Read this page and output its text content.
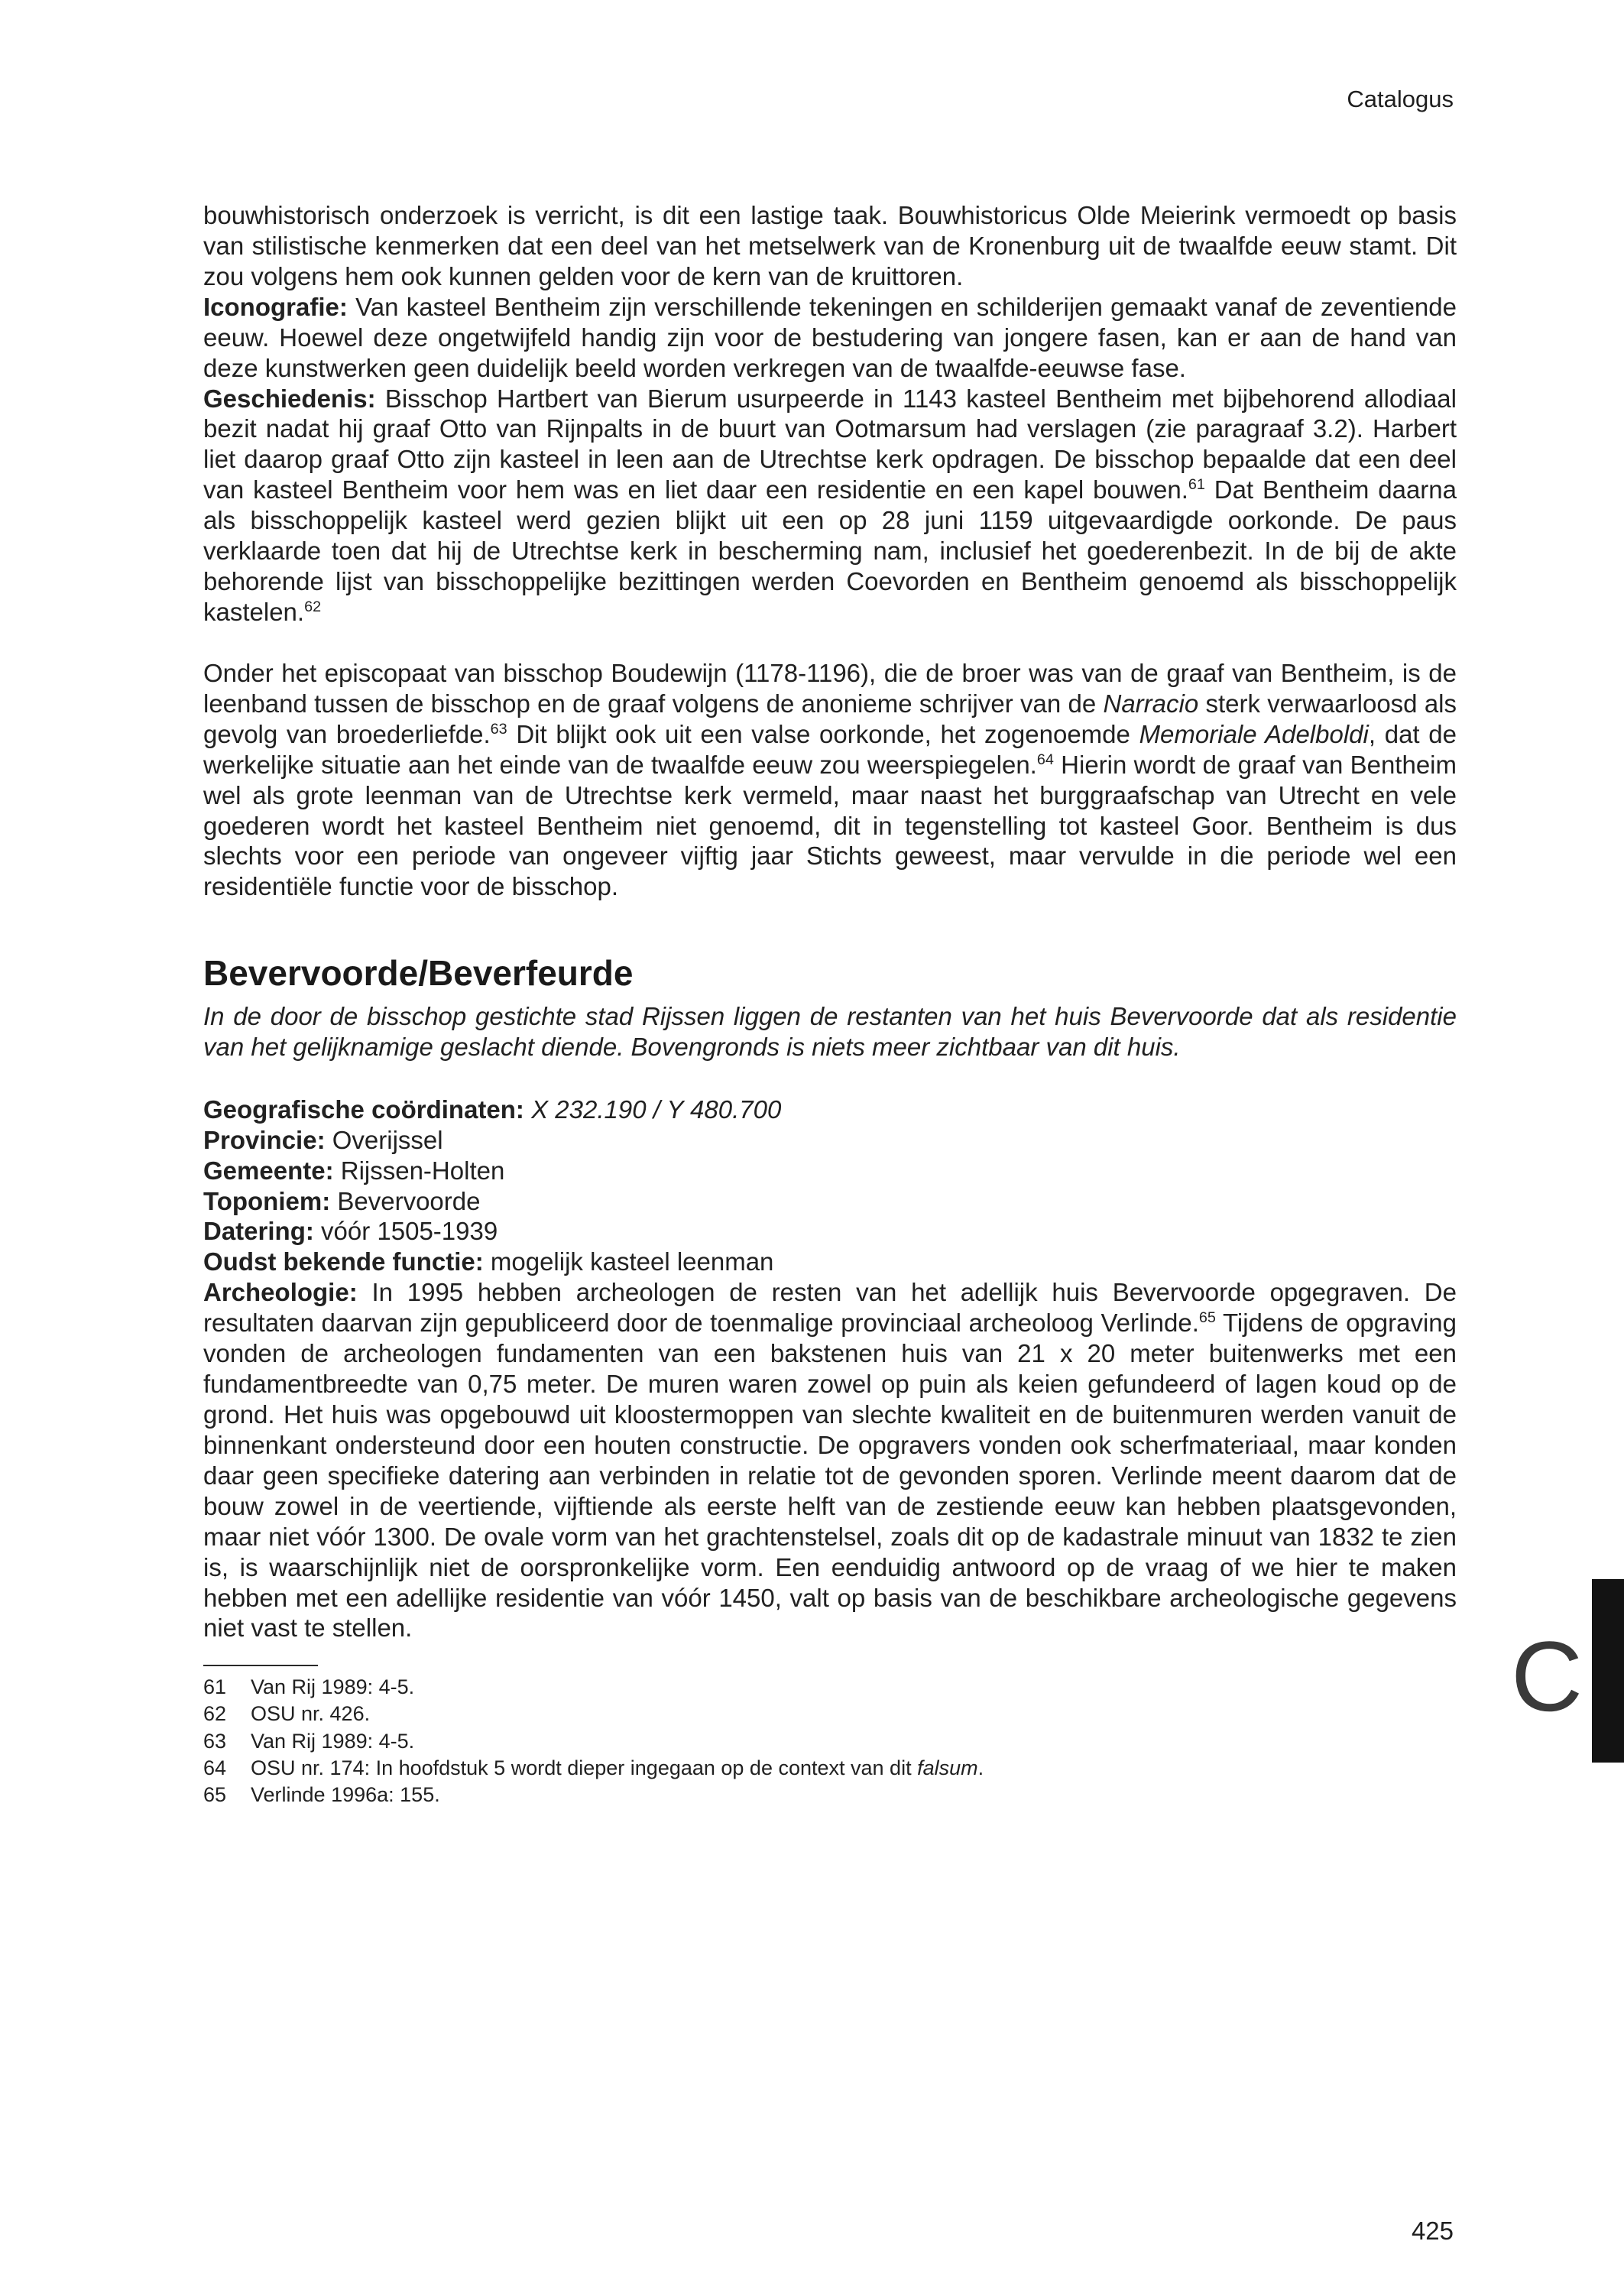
Catalogus

bouwhistorisch onderzoek is verricht, is dit een lastige taak. Bouwhistoricus Olde Meierink vermoedt op basis van stilistische kenmerken dat een deel van het metselwerk van de Kronenburg uit de twaalfde eeuw stamt. Dit zou volgens hem ook kunnen gelden voor de kern van de kruittoren.

Iconografie: Van kasteel Bentheim zijn verschillende tekeningen en schilderijen gemaakt vanaf de zeventiende eeuw. Hoewel deze ongetwijfeld handig zijn voor de bestudering van jongere fasen, kan er aan de hand van deze kunstwerken geen duidelijk beeld worden verkregen van de twaalfde-eeuwse fase.

Geschiedenis: Bisschop Hartbert van Bierum usurpeerde in 1143 kasteel Bentheim met bijbehorend allodiaal bezit nadat hij graaf Otto van Rijnpalts in de buurt van Ootmarsum had verslagen (zie paragraaf 3.2). Harbert liet daarop graaf Otto zijn kasteel in leen aan de Utrechtse kerk opdragen. De bisschop bepaalde dat een deel van kasteel Bentheim voor hem was en liet daar een residentie en een kapel bouwen.$^{61}$ Dat Bentheim daarna als bisschoppelijk kasteel werd gezien blijkt uit een op 28 juni 1159 uitgevaardigde oorkonde. De paus verklaarde toen dat hij de Utrechtse kerk in bescherming nam, inclusief het goederenbezit. In de bij de akte behorende lijst van bisschoppelijke bezittingen werden Coevorden en Bentheim genoemd als bisschoppelijk kastelen.$^{62}$

Onder het episcopaat van bisschop Boudewijn (1178-1196), die de broer was van de graaf van Bentheim, is de leenband tussen de bisschop en de graaf volgens de anonieme schrijver van de Narracio sterk verwaarloosd als gevolg van broederliefde.$^{63}$ Dit blijkt ook uit een valse oorkonde, het zogenoemde Memoriale Adelboldi, dat de werkelijke situatie aan het einde van de twaalfde eeuw zou weerspiegelen.$^{64}$ Hierin wordt de graaf van Bentheim wel als grote leenman van de Utrechtse kerk vermeld, maar naast het burggraafschap van Utrecht en vele goederen wordt het kasteel Bentheim niet genoemd, dit in tegenstelling tot kasteel Goor. Bentheim is dus slechts voor een periode van ongeveer vijftig jaar Stichts geweest, maar vervulde in die periode wel een residentiële functie voor de bisschop.

Bevervoorde/Beverfeurde

In de door de bisschop gestichte stad Rijssen liggen de restanten van het huis Bevervoorde dat als residentie van het gelijknamige geslacht diende. Bovengronds is niets meer zichtbaar van dit huis.

Geografische coördinaten: X 232.190 / Y 480.700

Provincie: Overijssel

Gemeente: Rijssen-Holten

Toponiem: Bevervoorde

Datering: vóór 1505-1939

Oudst bekende functie: mogelijk kasteel leenman

Archeologie: In 1995 hebben archeologen de resten van het adellijk huis Bevervoorde opgegraven. De resultaten daarvan zijn gepubliceerd door de toenmalige provinciaal archeoloog Verlinde.$^{65}$ Tijdens de opgraving vonden de archeologen fundamenten van een bakstenen huis van 21 x 20 meter buitenwerks met een fundamentbreedte van 0,75 meter. De muren waren zowel op puin als keien gefundeerd of lagen koud op de grond. Het huis was opgebouwd uit kloostermoppen van slechte kwaliteit en de buitenmuren werden vanuit de binnenkant ondersteund door een houten constructie. De opgravers vonden ook scherfmateriaal, maar konden daar geen specifieke datering aan verbinden in relatie tot de gevonden sporen. Verlinde meent daarom dat de bouw zowel in de veertiende, vijftiende als eerste helft van de zestiende eeuw kan hebben plaatsgevonden, maar niet vóór 1300. De ovale vorm van het grachtenstelsel, zoals dit op de kadastrale minuut van 1832 te zien is, is waarschijnlijk niet de oorspronkelijke vorm. Een eenduidig antwoord op de vraag of we hier te maken hebben met een adellijke residentie van vóór 1450, valt op basis van de beschikbare archeologische gegevens niet vast te stellen.

61	Van Rij 1989: 4-5.
62	OSU nr. 426.
63	Van Rij 1989: 4-5.
64	OSU nr. 174: In hoofdstuk 5 wordt dieper ingegaan op de context van dit falsum.
65	Verlinde 1996a: 155.
C
425
